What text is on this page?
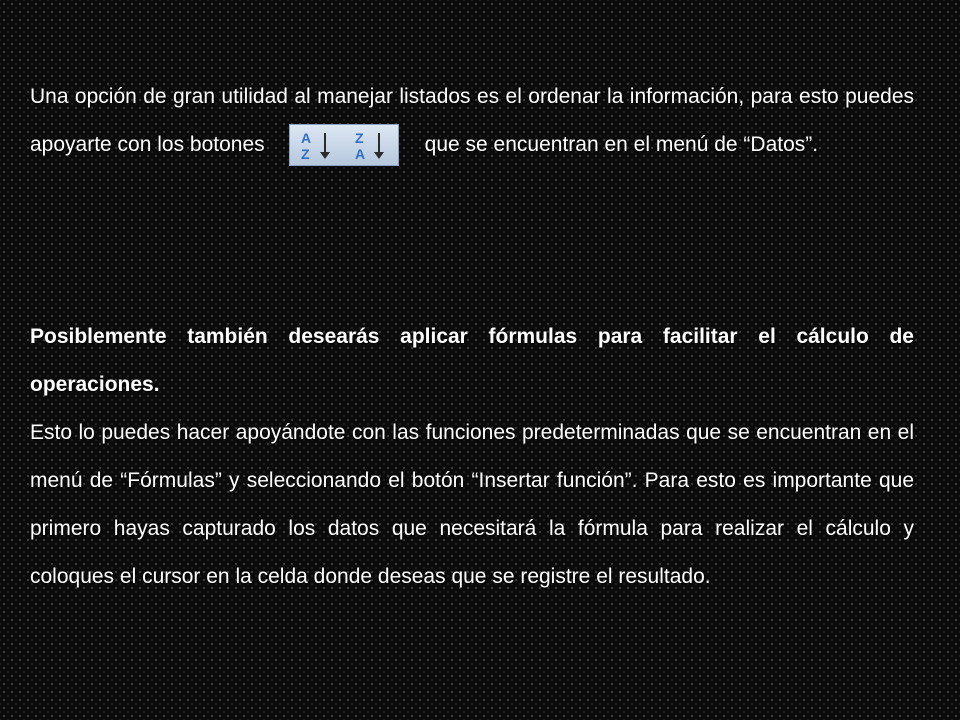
Una opción de gran utilidad al manejar listados es el ordenar la información, para esto puedes apoyarte con los botones	A
Z
Z
A	que se encuentran en el menú de “Datos”.

Posiblemente también desearás aplicar fórmulas para facilitar el cálculo de operaciones.

Esto lo puedes hacer apoyándote con las funciones predeterminadas que se encuentran en el menú de “Fórmulas” y seleccionando el botón “Insertar función”. Para esto es importante que primero hayas capturado los datos que necesitará la fórmula para realizar el cálculo y coloques el cursor en la celda donde deseas que se registre el resultado.
